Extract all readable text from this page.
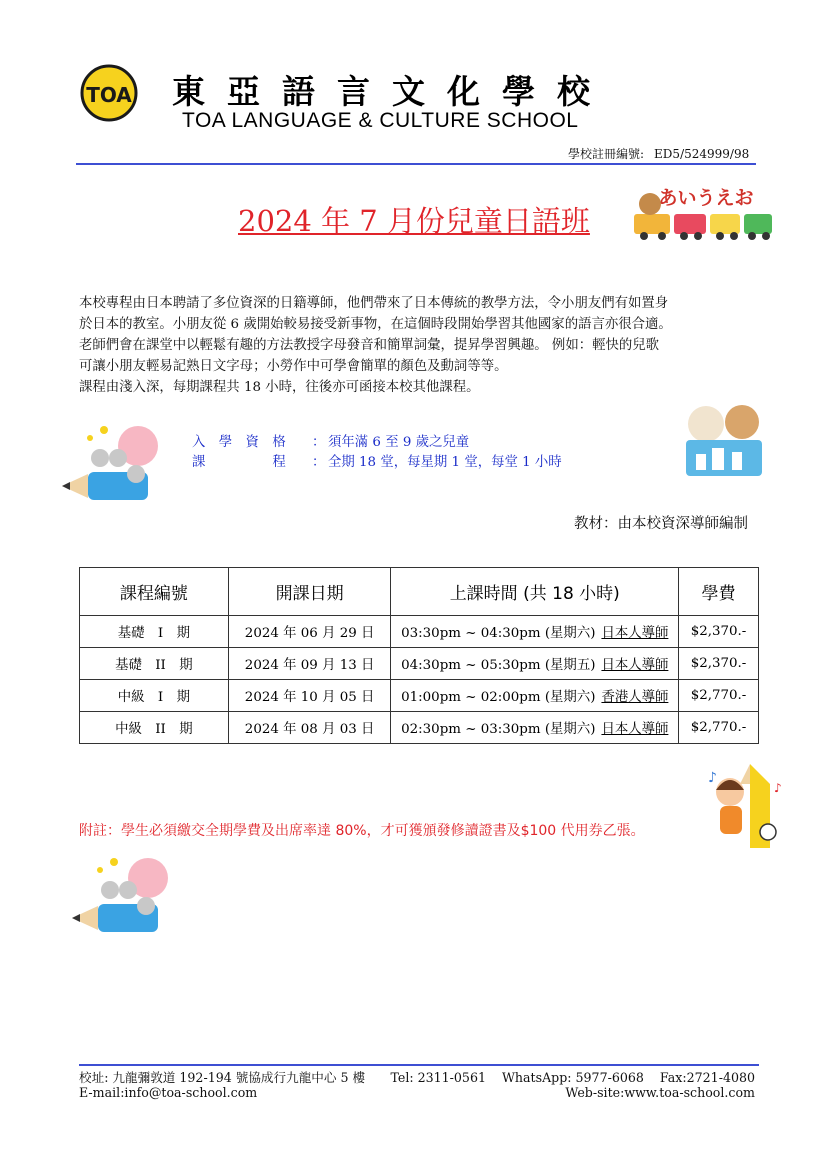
TOA 東亞語言文化學校
TOA LANGUAGE & CULTURE SCHOOL
學校註冊編號: ED5/524999/98
2024 年 7 月份兒童日語班
あいうえお

本校專程由日本聘請了多位資深的日籍導師，他們帶來了日本傳統的教學方法，令小朋友們有如置身

於日本的教室。小朋友從 6 歲開始較易接受新事物，在這個時段開始學習其他國家的語言亦很合適。

老師們會在課堂中以輕鬆有趣的方法教授字母發音和簡單詞彙，提昇學習興趣。 例如：輕快的兒歌

可讓小朋友輕易記熟日文字母；小勞作中可學會簡單的顏色及動詞等等。

課程由淺入深，每期課程共 18 小時，往後亦可函接本校其他課程。

入　學　資　格 ： 須年滿 6 至 9 歲之兒童
課　　　　　程 ： 全期 18 堂，每星期 1 堂，每堂 1 小時
教材：由本校資深導師編制
課程編號	開課日期	上課時間 (共 18 小時)	學費
基礎　I　期	2024 年 06 月 29 日	03:30pm ~ 04:30pm (星期六) 日本人導師	$2,370.-
基礎　II　期	2024 年 09 月 13 日	04:30pm ~ 05:30pm (星期五) 日本人導師	$2,370.-
中級　I　期	2024 年 10 月 05 日	01:00pm ~ 02:00pm (星期六) 香港人導師	$2,770.-
中級　II　期	2024 年 08 月 03 日	02:30pm ~ 03:30pm (星期六) 日本人導師	$2,770.-
♪
♪
附註：學生必須繳交全期學費及出席率達 80%，才可獲頒發修讀證書及$100 代用券乙張。
校址: 九龍彌敦道 192-194 號協成行九龍中心 5 樓	Tel: 2311-0561 WhatsApp: 5977-6068 Fax:2721-4080
E-mail:info@toa-school.com	Web-site:www.toa-school.com
